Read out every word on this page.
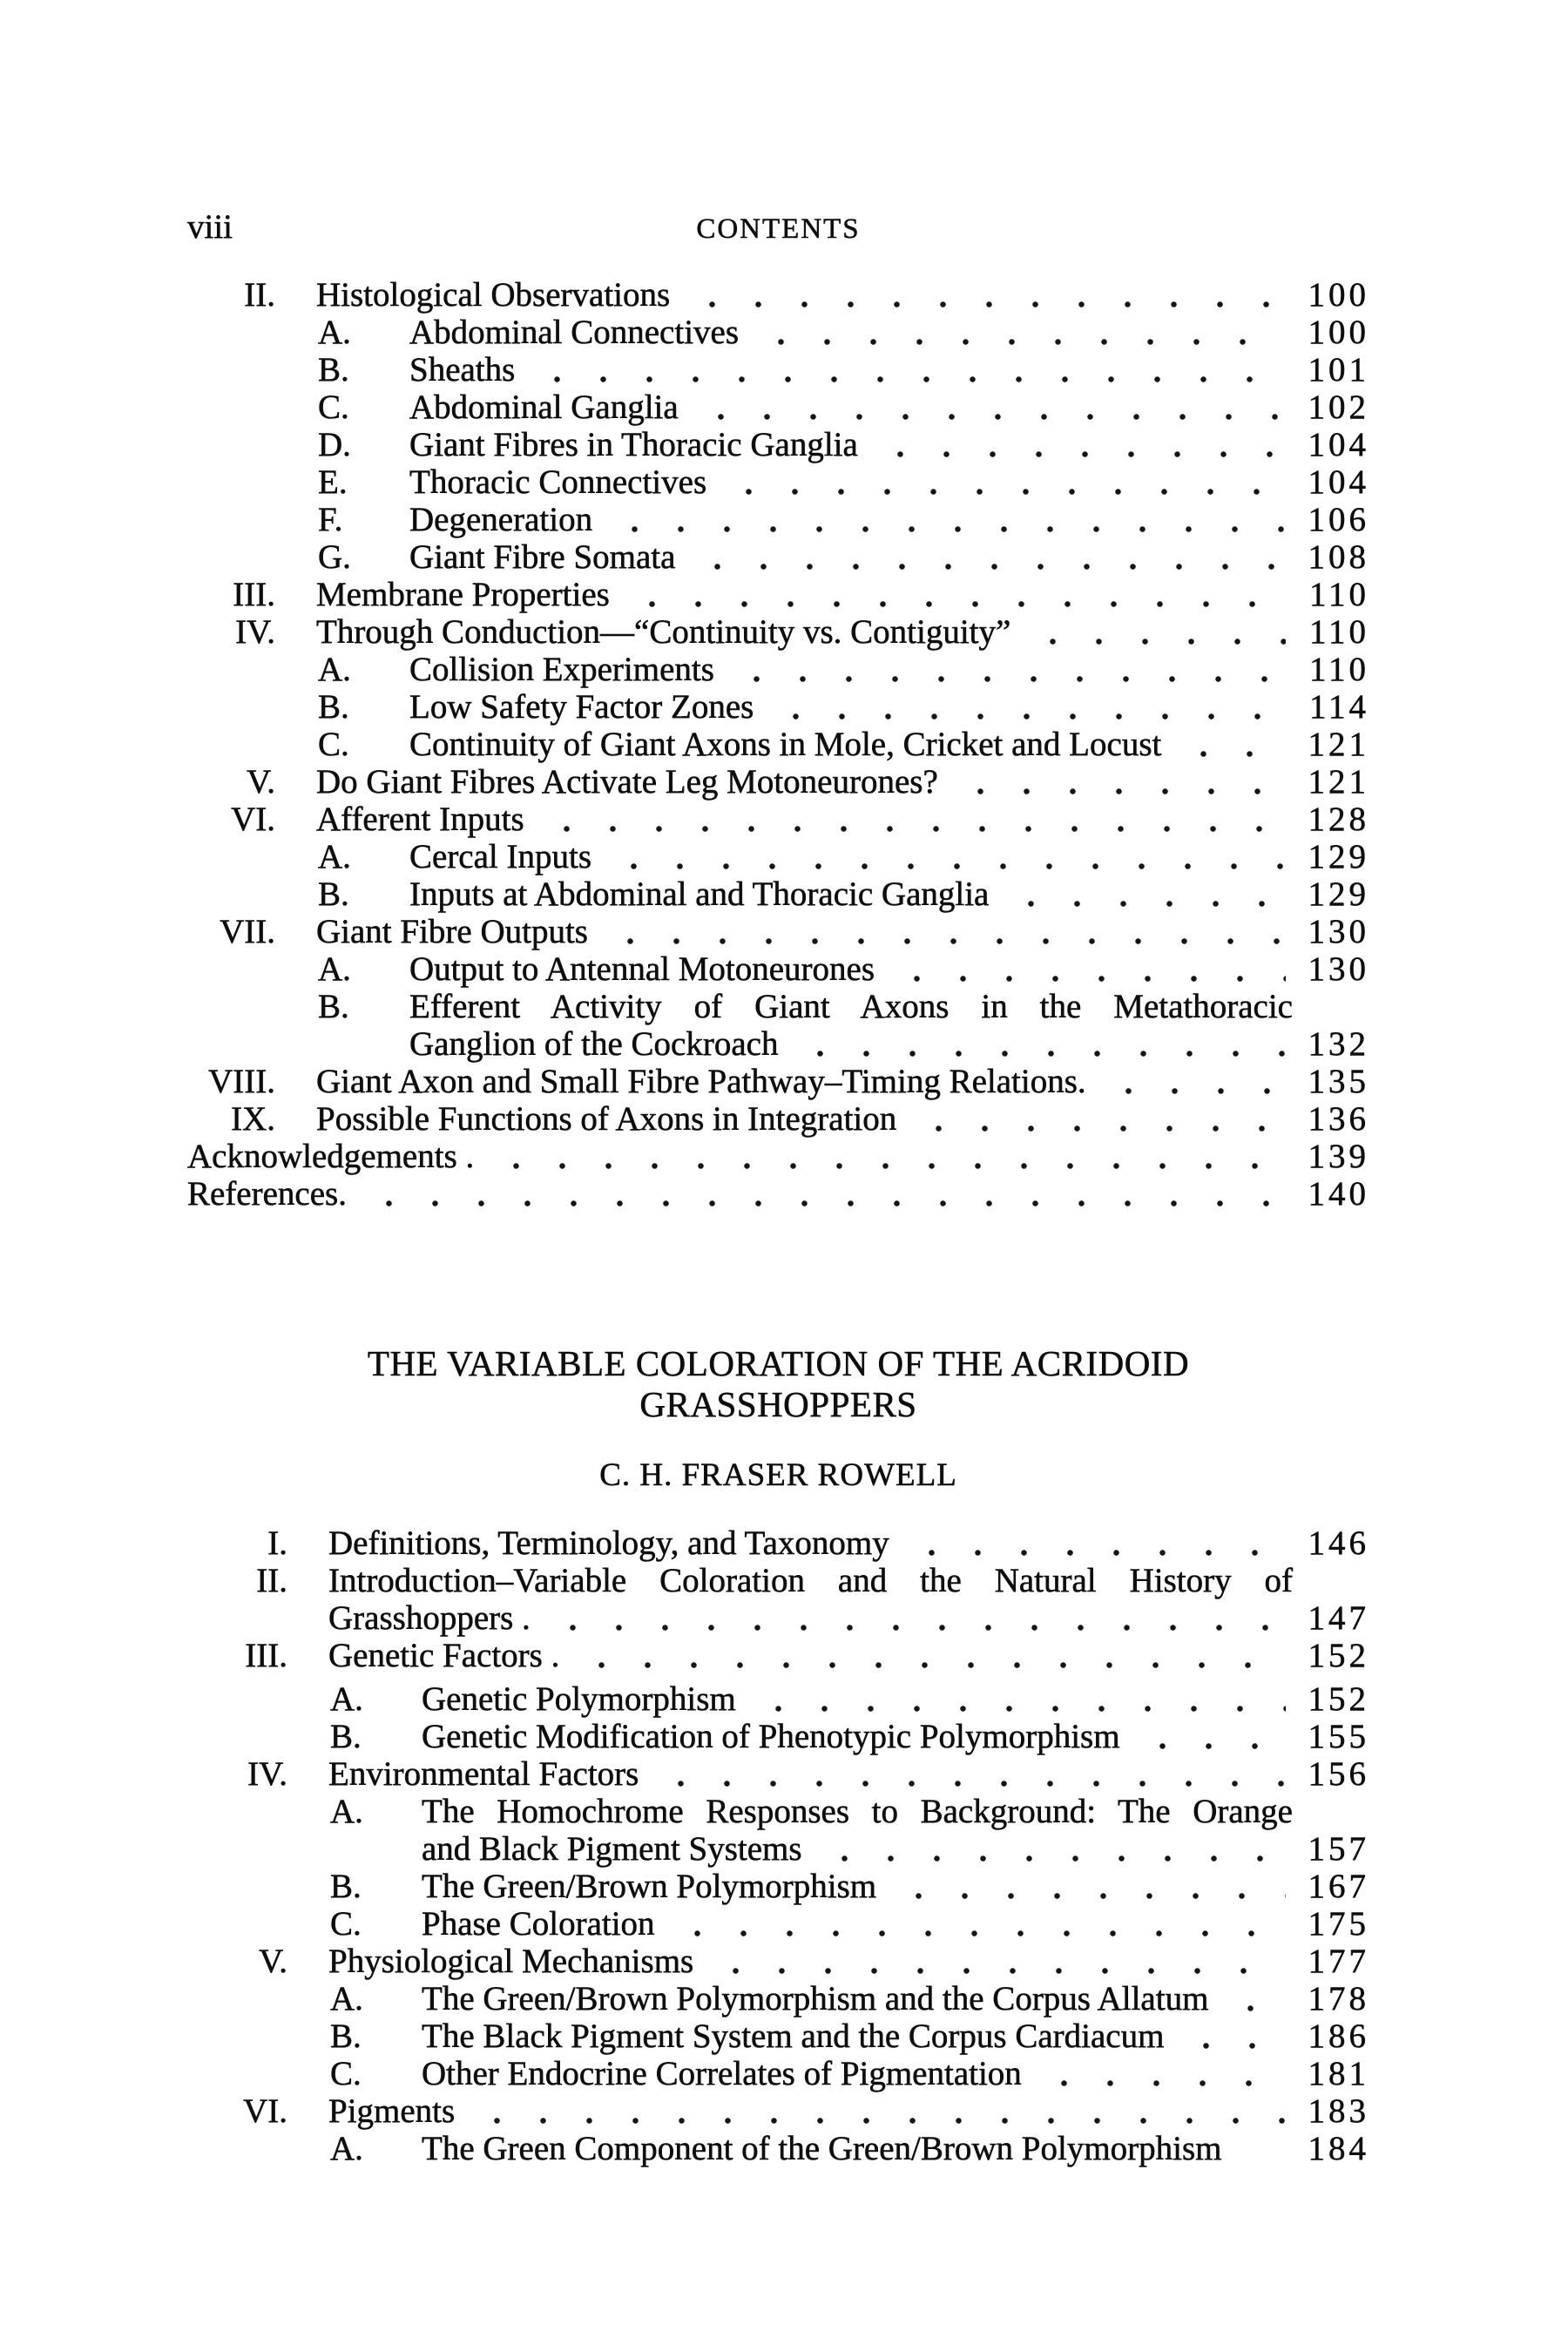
viii	CONTENTS
II. Histological Observations	100
A.	Abdominal Connectives	100
B.	Sheaths	101
C.	Abdominal Ganglia	102
D.	Giant Fibres in Thoracic Ganglia	104
E.	Thoracic Connectives	104
F.	Degeneration	106
G.	Giant Fibre Somata	108
III. Membrane Properties	110
IV. Through Conduction—“Continuity vs. Contiguity”	110
A.	Collision Experiments	110
B.	Low Safety Factor Zones	114
C.	Continuity of Giant Axons in Mole, Cricket and Locust	121
V. Do Giant Fibres Activate Leg Motoneurones?	121
VI. Afferent Inputs	128
A.	Cercal Inputs	129
B.	Inputs at Abdominal and Thoracic Ganglia	129
VII. Giant Fibre Outputs	130
A.	Output to Antennal Motoneurones	130
B.	Efferent Activity of Giant Axons in the Metathoracic
Ganglion of the Cockroach	132
VIII. Giant Axon and Small Fibre Pathway–Timing Relations.	135
IX. Possible Functions of Axons in Integration	136
Acknowledgements .	139
References.	140
THE VARIABLE COLORATION OF THE ACRIDOID
GRASSHOPPERS
C. H. FRASER ROWELL
I. Definitions, Terminology, and Taxonomy	146
II. Introduction–Variable Coloration and the Natural History of
Grasshoppers .	147
III. Genetic Factors .	152
A.	Genetic Polymorphism	152
B.	Genetic Modification of Phenotypic Polymorphism	155
IV. Environmental Factors	156
A.	The Homochrome Responses to Background: The Orange
and Black Pigment Systems	157
B.	The Green/Brown Polymorphism	167
C.	Phase Coloration	175
V. Physiological Mechanisms	177
A.	The Green/Brown Polymorphism and the Corpus Allatum	178
B.	The Black Pigment System and the Corpus Cardiacum	186
C.	Other Endocrine Correlates of Pigmentation	181
VI. Pigments	183
A.	The Green Component of the Green/Brown Polymorphism	184
